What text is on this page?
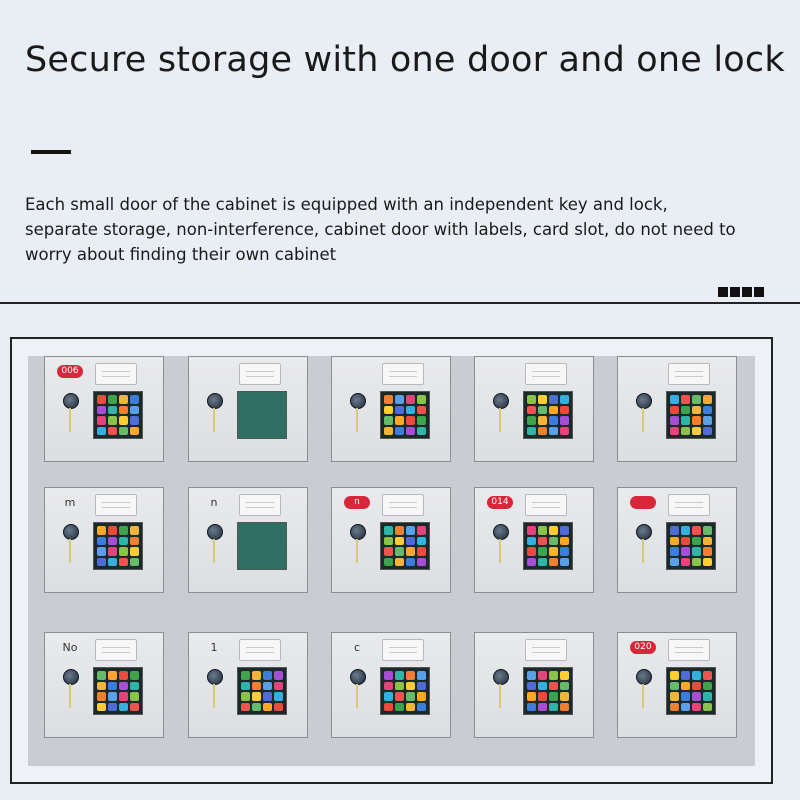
Secure storage with one door and one lock
Each small door of the cabinet is equipped with an independent key and lock, separate storage, non-interference, cabinet door with labels, card slot, do not need to worry about finding their own cabinet
006
m	n	n	014
No	1	c	020
